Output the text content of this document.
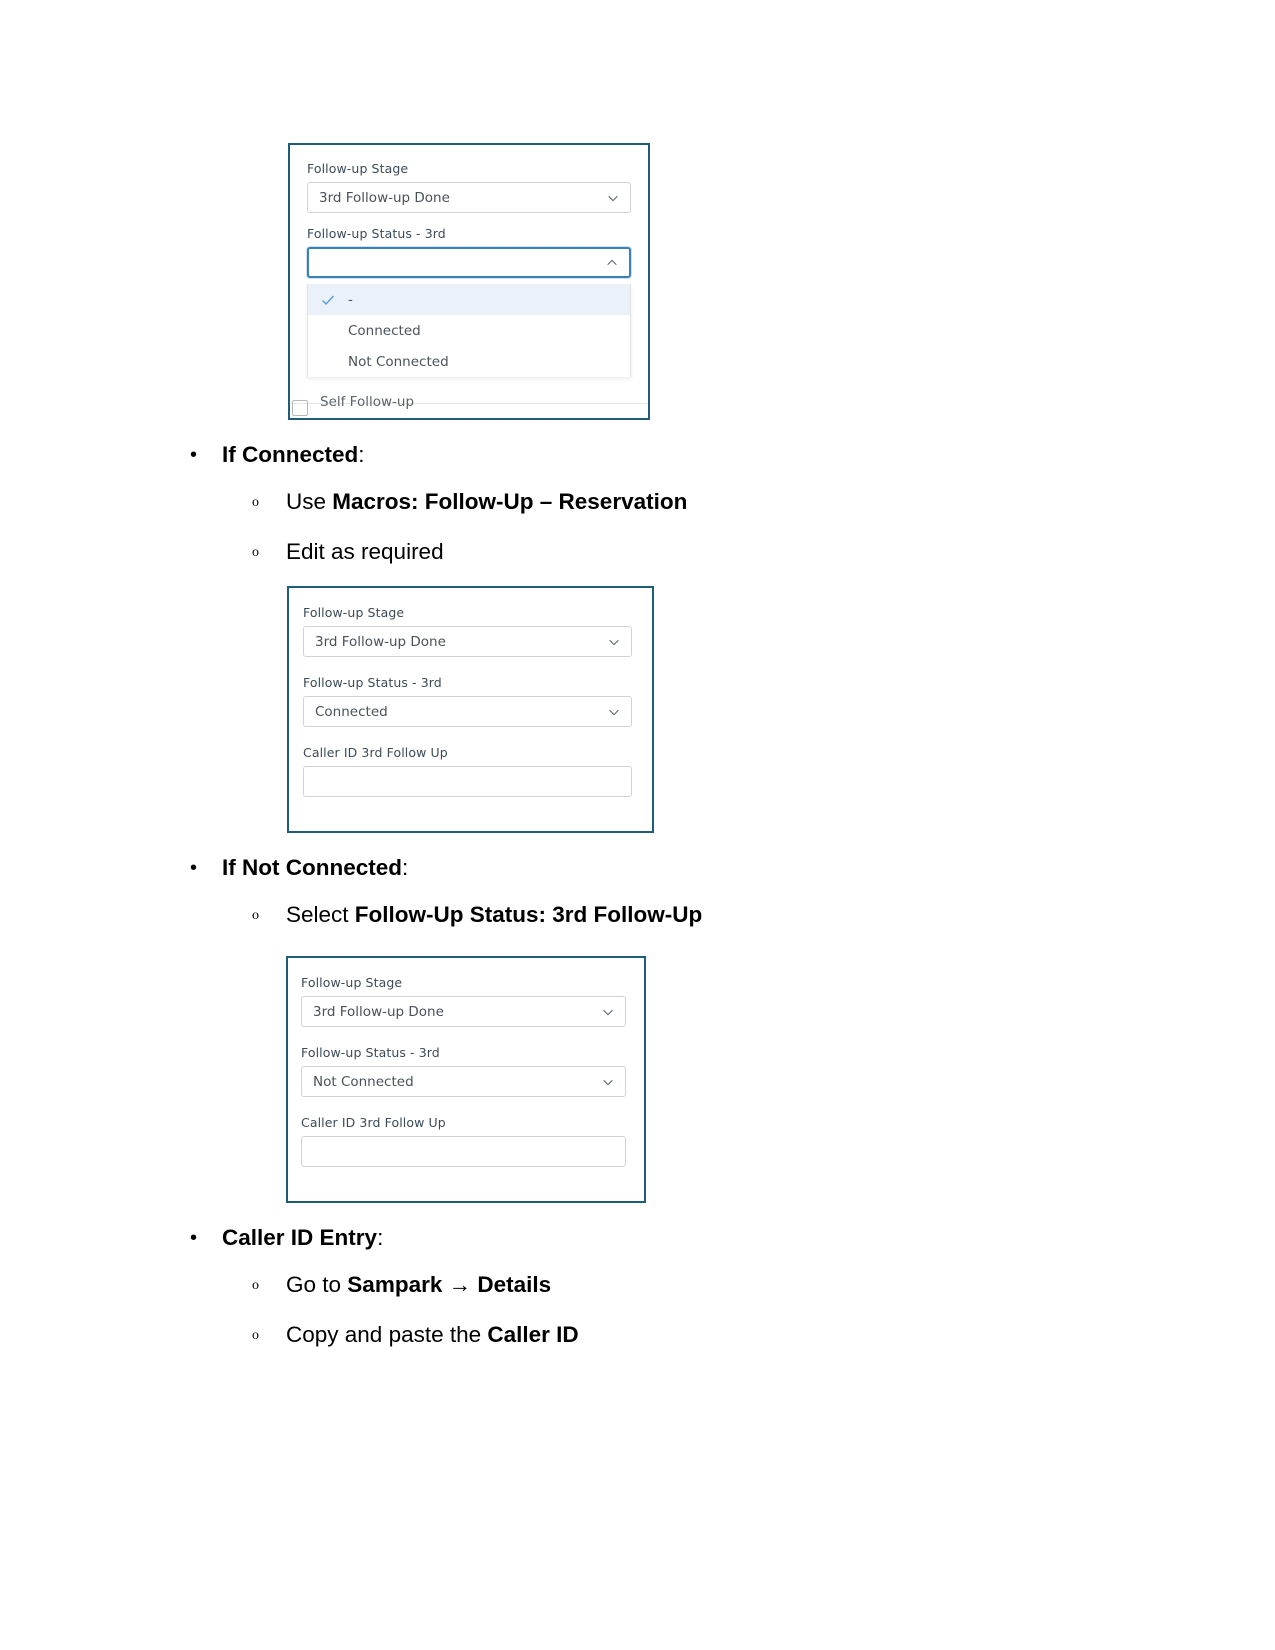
Follow-up Stage
3rd Follow-up Done
Follow-up Status - 3rd
-
Connected
Not Connected
Self Follow-up
•	If Connected:
o	Use Macros: Follow-Up – Reservation
o	Edit as required
Follow-up Stage
3rd Follow-up Done
Follow-up Status - 3rd
Connected
Caller ID 3rd Follow Up
•	If Not Connected:
o	Select Follow-Up Status: 3rd Follow-Up
Follow-up Stage
3rd Follow-up Done
Follow-up Status - 3rd
Not Connected
Caller ID 3rd Follow Up
•	Caller ID Entry:
o	Go to Sampark → Details
o	Copy and paste the Caller ID
